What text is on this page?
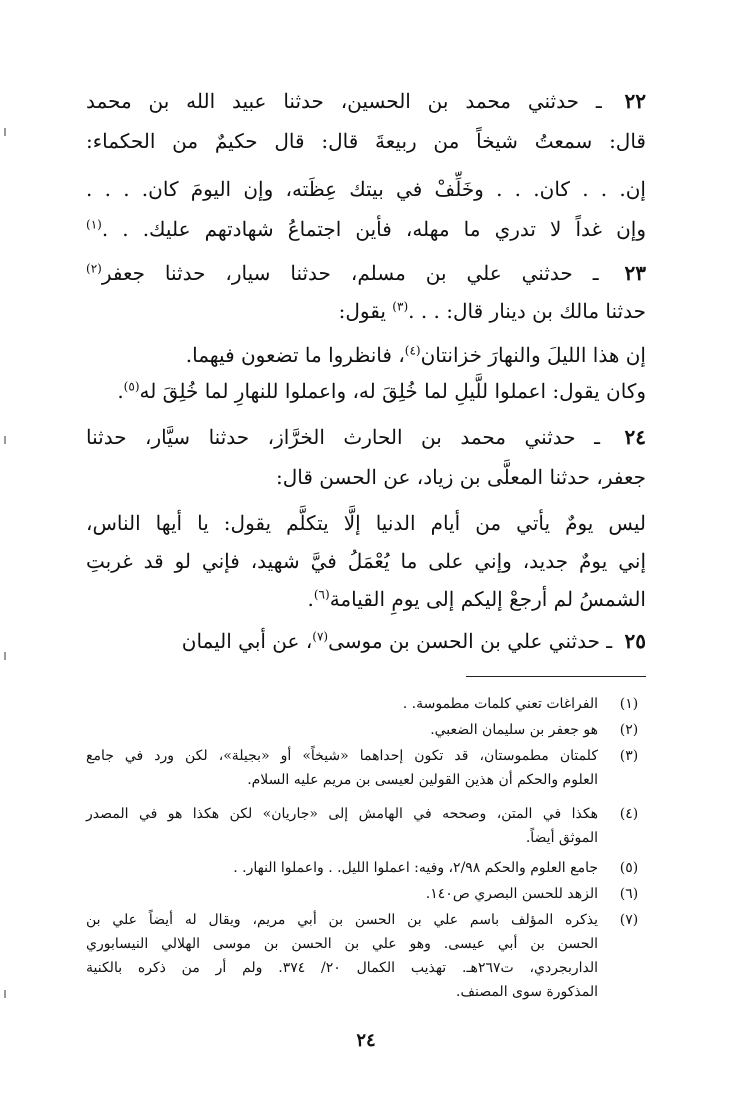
٢٢ ـ حدثني محمد بن الحسين، حدثنا عبيد الله بن محمد
قال: سمعتُ شيخاً من ربيعةَ قال: قال حكيمٌ من الحكماء:
إن. . . كان. . . وخَلِّفْ في بيتك عِظَته، وإن اليومَ كان. . . .
وإن غداً لا تدري ما مهله، فأين اجتماعُ شهادتهم عليك. . .$^{(١)}$
٢٣ ـ حدثني علي بن مسلم، حدثنا سيار، حدثنا جعفر$^{(٢)}$
حدثنا مالك بن دينار قال: . . .$^{(٣)}$ يقول:
إن هذا الليلَ والنهارَ خزانتان$^{(٤)}$، فانظروا ما تضعون فيهما.
وكان يقول: اعملوا للَّيلِ لما خُلِقَ له، واعملوا للنهارِ لما خُلِقَ له$^{(٥)}$.
٢٤ ـ حدثني محمد بن الحارث الخرَّاز، حدثنا سيَّار، حدثنا
جعفر، حدثنا المعلَّى بن زياد، عن الحسن قال:
ليس يومٌ يأتي من أيام الدنيا إلَّا يتكلَّم يقول: يا أيها الناس،
إني يومٌ جديد، وإني على ما يُعْمَلُ فيَّ شهيد، فإني لو قد غربتِ
الشمسُ لم أرجعْ إليكم إلى يومِ القيامة$^{(٦)}$.
٢٥ ـ حدثني علي بن الحسن بن موسى$^{(٧)}$، عن أبي اليمان
(١)
الفراغات تعني كلمات مطموسة. .
(٢)
هو جعفر بن سليمان الضعبي.
(٣)
كلمتان مطموستان، قد تكون إحداهما «شيخاً» أو «بجيلة»، لكن ورد في جامع
العلوم والحكم أن هذين القولين لعيسى بن مريم عليه السلام.
(٤)
هكذا في المتن، وصححه في الهامش إلى «جاريان» لكن هكذا هو في المصدر
الموثق أيضاً.
(٥)
جامع العلوم والحكم ٢/٩٨، وفيه: اعملوا الليل. . واعملوا النهار. .
(٦)
الزهد للحسن البصري ص١٤٠.
(٧)
يذكره المؤلف باسم علي بن الحسن بن أبي مريم، ويقال له أيضاً علي بن
الحسن بن أبي عيسى. وهو علي بن الحسن بن موسى الهلالي النيسابوري
الداربجردي، ت٢٦٧هـ. تهذيب الكمال ٢٠/ ٣٧٤. ولم أر من ذكره بالكنية
المذكورة سوى المصنف.
٢٤
